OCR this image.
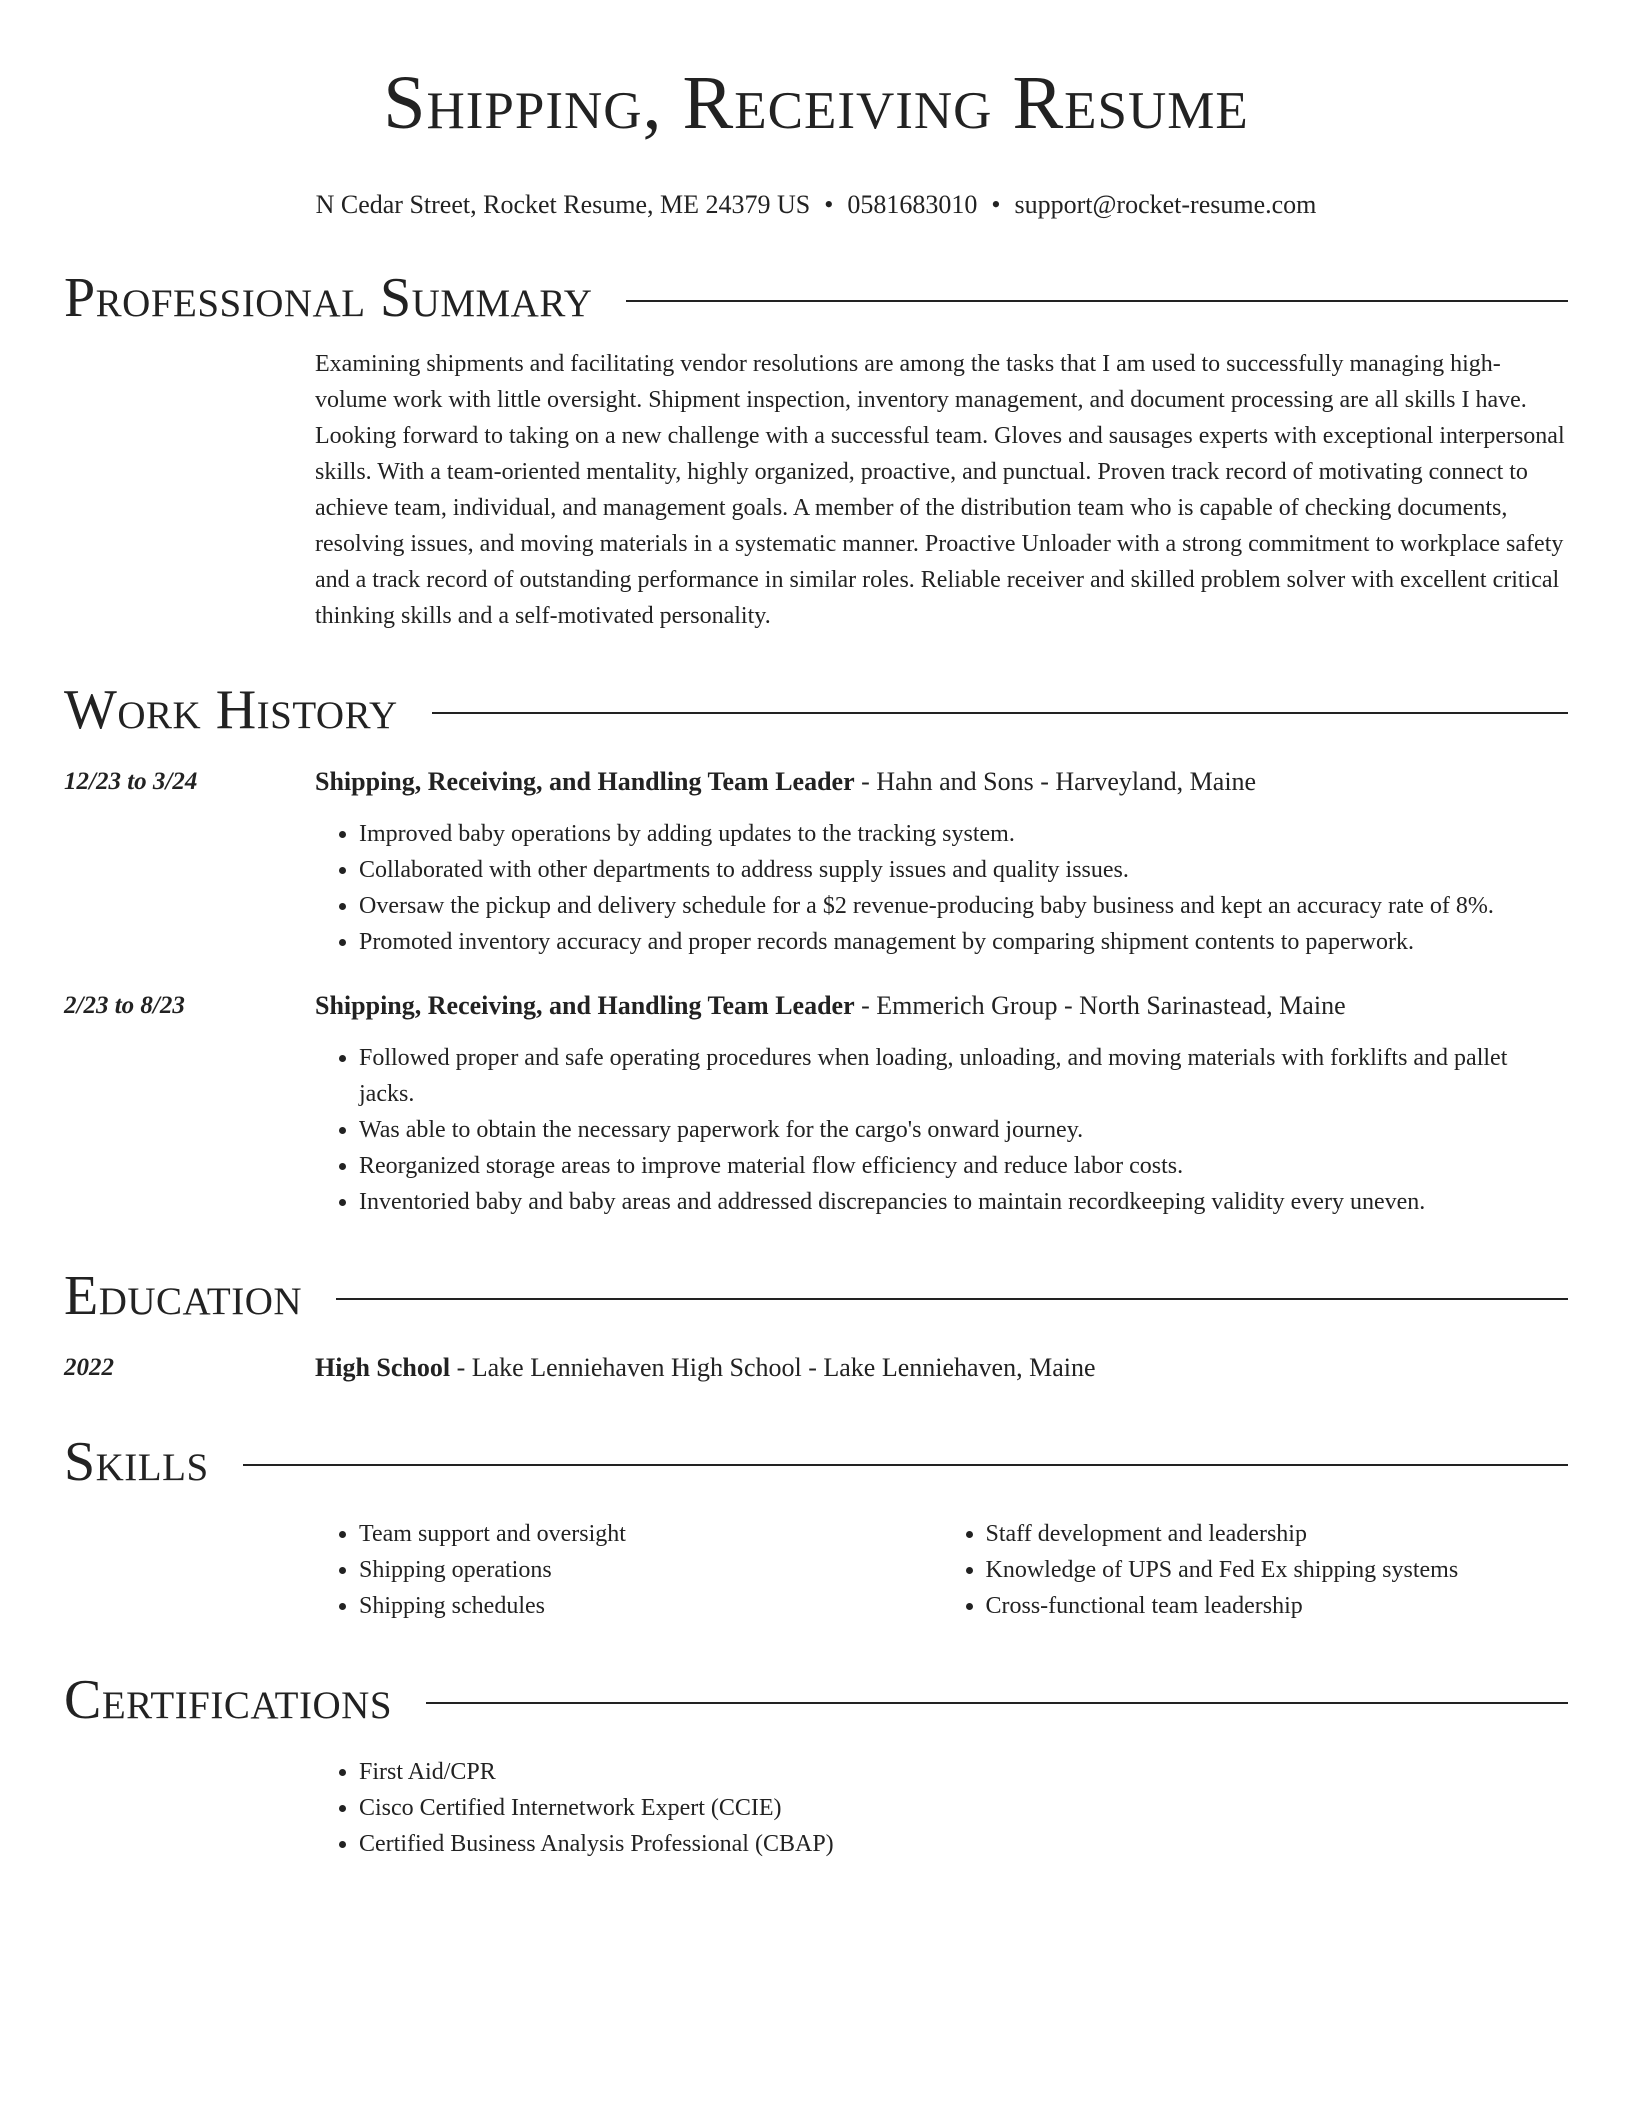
Shipping, Receiving Resume
N Cedar Street, Rocket Resume, ME 24379 US • 0581683010 • support@rocket-resume.com
Professional Summary
Examining shipments and facilitating vendor resolutions are among the tasks that I am used to successfully managing high-volume work with little oversight. Shipment inspection, inventory management, and document processing are all skills I have. Looking forward to taking on a new challenge with a successful team. Gloves and sausages experts with exceptional interpersonal skills. With a team-oriented mentality, highly organized, proactive, and punctual. Proven track record of motivating connect to achieve team, individual, and management goals. A member of the distribution team who is capable of checking documents, resolving issues, and moving materials in a systematic manner. Proactive Unloader with a strong commitment to workplace safety and a track record of outstanding performance in similar roles. Reliable receiver and skilled problem solver with excellent critical thinking skills and a self-motivated personality.
Work History
12/23 to 3/24	Shipping, Receiving, and Handling Team Leader - Hahn and Sons - Harveyland, Maine
• Improved baby operations by adding updates to the tracking system.
• Collaborated with other departments to address supply issues and quality issues.
• Oversaw the pickup and delivery schedule for a $2 revenue-producing baby business and kept an accuracy rate of 8%.
• Promoted inventory accuracy and proper records management by comparing shipment contents to paperwork.
2/23 to 8/23	Shipping, Receiving, and Handling Team Leader - Emmerich Group - North Sarinastead, Maine
• Followed proper and safe operating procedures when loading, unloading, and moving materials with forklifts and pallet jacks.
• Was able to obtain the necessary paperwork for the cargo's onward journey.
• Reorganized storage areas to improve material flow efficiency and reduce labor costs.
• Inventoried baby and baby areas and addressed discrepancies to maintain recordkeeping validity every uneven.
Education
2022	High School - Lake Lenniehaven High School - Lake Lenniehaven, Maine
Skills
• Team support and oversight
• Shipping operations
• Shipping schedules
• Staff development and leadership
• Knowledge of UPS and Fed Ex shipping systems
• Cross-functional team leadership
Certifications
• First Aid/CPR
• Cisco Certified Internetwork Expert (CCIE)
• Certified Business Analysis Professional (CBAP)
